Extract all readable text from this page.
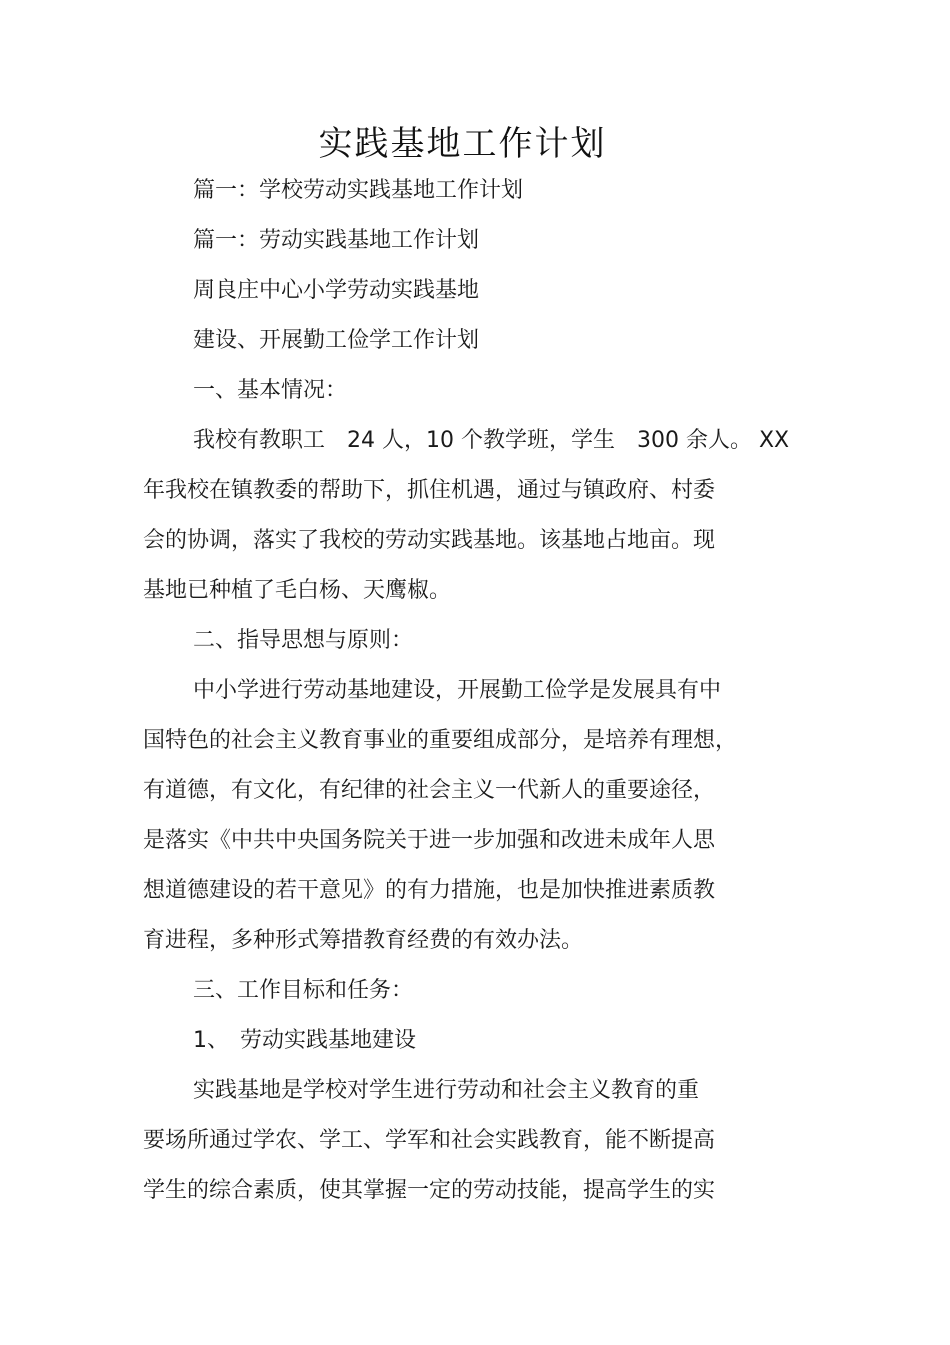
实践基地工作计划
篇一：学校劳动实践基地工作计划
篇一：劳动实践基地工作计划
周良庄中心小学劳动实践基地
建设、开展勤工俭学工作计划
一、基本情况：
我校有教职工　24 人，10 个教学班，学生　300 余人。 XX
年我校在镇教委的帮助下，抓住机遇，通过与镇政府、村委
会的协调，落实了我校的劳动实践基地。该基地占地亩。现
基地已种植了毛白杨、天鹰椒。
二、指导思想与原则：
中小学进行劳动基地建设，开展勤工俭学是发展具有中
国特色的社会主义教育事业的重要组成部分，是培养有理想，
有道德，有文化，有纪律的社会主义一代新人的重要途径，
是落实《中共中央国务院关于进一步加强和改进未成年人思
想道德建设的若干意见》的有力措施，也是加快推进素质教
育进程，多种形式筹措教育经费的有效办法。
三、工作目标和任务：
1、　劳动实践基地建设
实践基地是学校对学生进行劳动和社会主义教育的重
要场所通过学农、学工、学军和社会实践教育，能不断提高
学生的综合素质，使其掌握一定的劳动技能，提高学生的实
